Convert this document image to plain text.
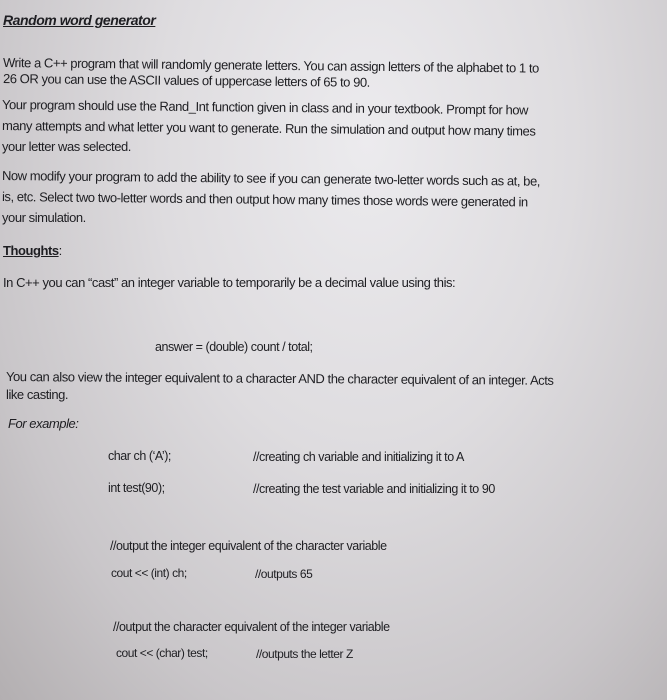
Random word generator
Write a C++ program that will randomly generate letters. You can assign letters of the alphabet to 1 to
26 OR you can use the ASCII values of uppercase letters of 65 to 90.
Your program should use the Rand_Int function given in class and in your textbook. Prompt for how
many attempts and what letter you want to generate. Run the simulation and output how many times
your letter was selected.
Now modify your program to add the ability to see if you can generate two-letter words such as at, be,
is, etc. Select two two-letter words and then output how many times those words were generated in
your simulation.
Thoughts:
In C++ you can “cast” an integer variable to temporarily be a decimal value using this:
answer = (double) count / total;
You can also view the integer equivalent to a character AND the character equivalent of an integer. Acts
like casting.
For example:
char ch (‘A’);	//creating ch variable and initializing it to A
int test(90);	//creating the test variable and initializing it to 90
//output the integer equivalent of the character variable
cout << (int) ch;	//outputs 65
//output the character equivalent of the integer variable
cout << (char) test;	//outputs the letter Z
